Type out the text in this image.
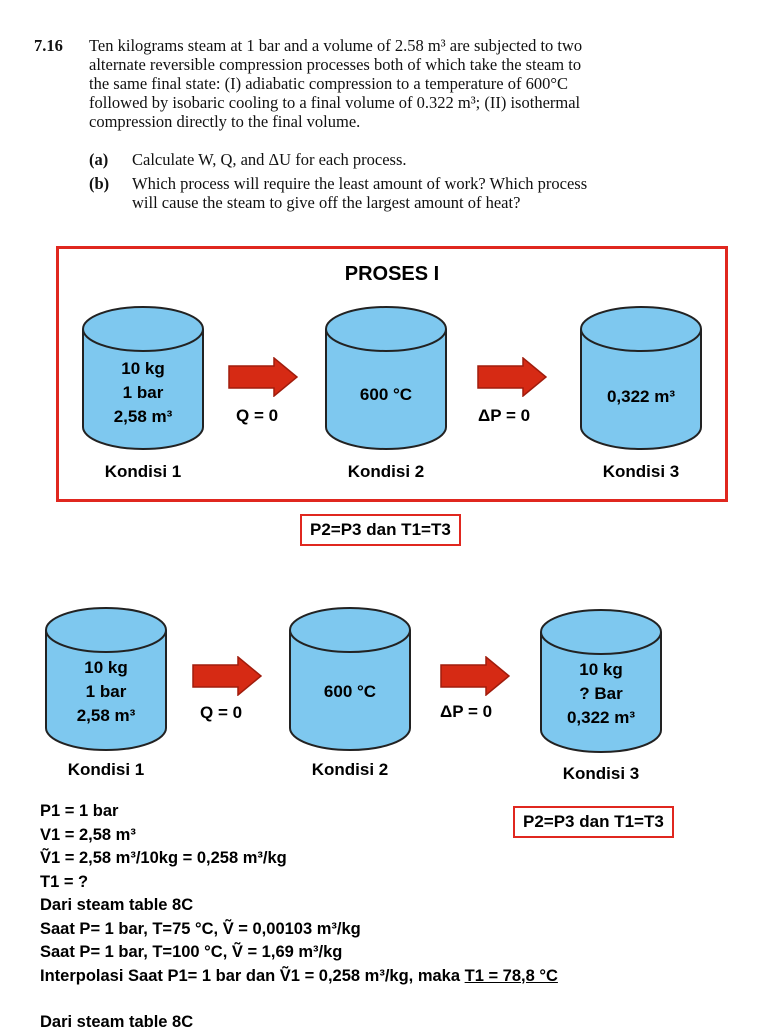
7.16 Ten kilograms steam at 1 bar and a volume of 2.58 m³ are subjected to two
alternate reversible compression processes both of which take the steam to
the same final state: (I) adiabatic compression to a temperature of 600°C
followed by isobaric cooling to a final volume of 0.322 m³; (II) isothermal
compression directly to the final volume.
(a) Calculate W, Q, and ΔU for each process.
(b) Which process will require the least amount of work? Which process
will cause the steam to give off the largest amount of heat?
PROSES I
10 kg
1 bar
2,58 m³	Q = 0
600 °C
ΔP = 0
0,322 m³
Kondisi 1	Kondisi 2	Kondisi 3
P2=P3 dan T1=T3
10 kg
1 bar
2,58 m³	Q = 0
600 °C
ΔP = 0
10 kg
? Bar
0,322 m³
Kondisi 1	Kondisi 2	Kondisi 3
P2=P3 dan T1=T3
P1 = 1 bar
V1 = 2,58 m³
Ṽ1 = 2,58 m³/10kg = 0,258 m³/kg
T1 = ?
Dari steam table 8C
Saat P= 1 bar, T=75 °C, Ṽ = 0,00103 m³/kg
Saat P= 1 bar, T=100 °C, Ṽ = 1,69 m³/kg
Interpolasi Saat P1= 1 bar dan Ṽ1 = 0,258 m³/kg, maka T1 = 78,8 °C
Dari steam table 8C
